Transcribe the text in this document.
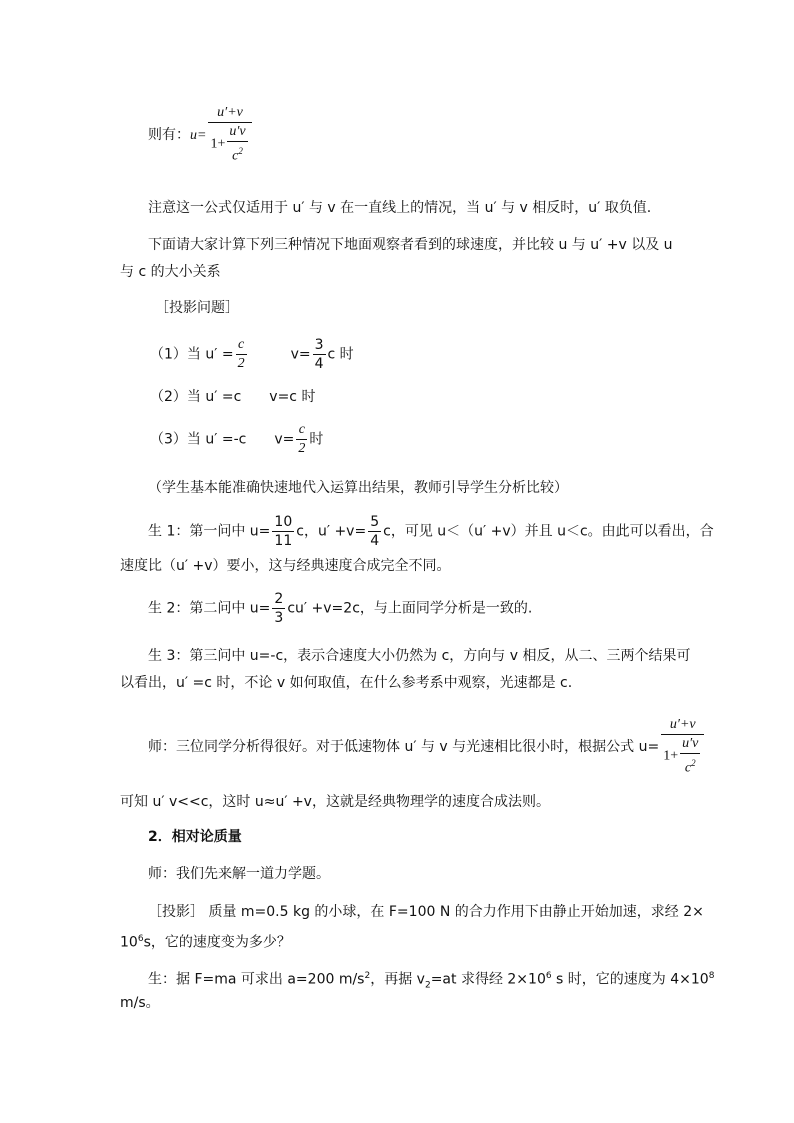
则有：$u= \frac{u'+v}{1+ \frac{u'v}{c^2}}$
注意这一公式仅适用于 u′ 与 v 在一直线上的情况，当 u′ 与 v 相反时，u′ 取负值.
下面请大家计算下列三种情况下地面观察者看到的球速度，并比较 u 与 u′ +v 以及 u
与 c 的大小关系
［投影问题］
（1）当 $u' = \frac{c}{2}$
　　　	$v= \frac{3}{4}$ c 时
（2）当 u′ =c　　v=c 时
（3）当 u′ =-c　　$v= \frac{c}{2}$ 时
（学生基本能准确快速地代入运算出结果，教师引导学生分析比较）
生 1：第一问中 $u= \frac{10}{11}$ c，$u' +v= \frac{5}{4}$ c，可见 u＜（u′ +v）并且 u＜c。由此可以看出，合
速度比（u′ +v）要小，这与经典速度合成完全不同。
生 2：第二问中 $u= \frac{2}{3} cu' +v=2c$，与上面同学分析是一致的.
生 3：第三问中 u=-c，表示合速度大小仍然为 c，方向与 v 相反，从二、三两个结果可
以看出，u′ =c 时，不论 v 如何取值，在什么参考系中观察，光速都是 c.
师：三位同学分析得很好。对于低速物体 u′ 与 v 与光速相比很小时，根据公式 $u= \frac{u'+v}{1+ \frac{u'v}{c^2}}$
可知 u′ v<<c，这时 u≈u′ +v，这就是经典物理学的速度合成法则。
2．相对论质量
师：我们先来解一道力学题。
［投影］ 质量 m=0.5 kg 的小球，在 F=100 N 的合力作用下由静止开始加速，求经 2×
$10^6s$，它的速度变为多少？
生：据 F=ma 可求出 a=200 $m/s^2$，再据 $v_2=at$ 求得经 $2\times 10^6$ s 时，它的速度为 $4\times 10^8$
m/s。
